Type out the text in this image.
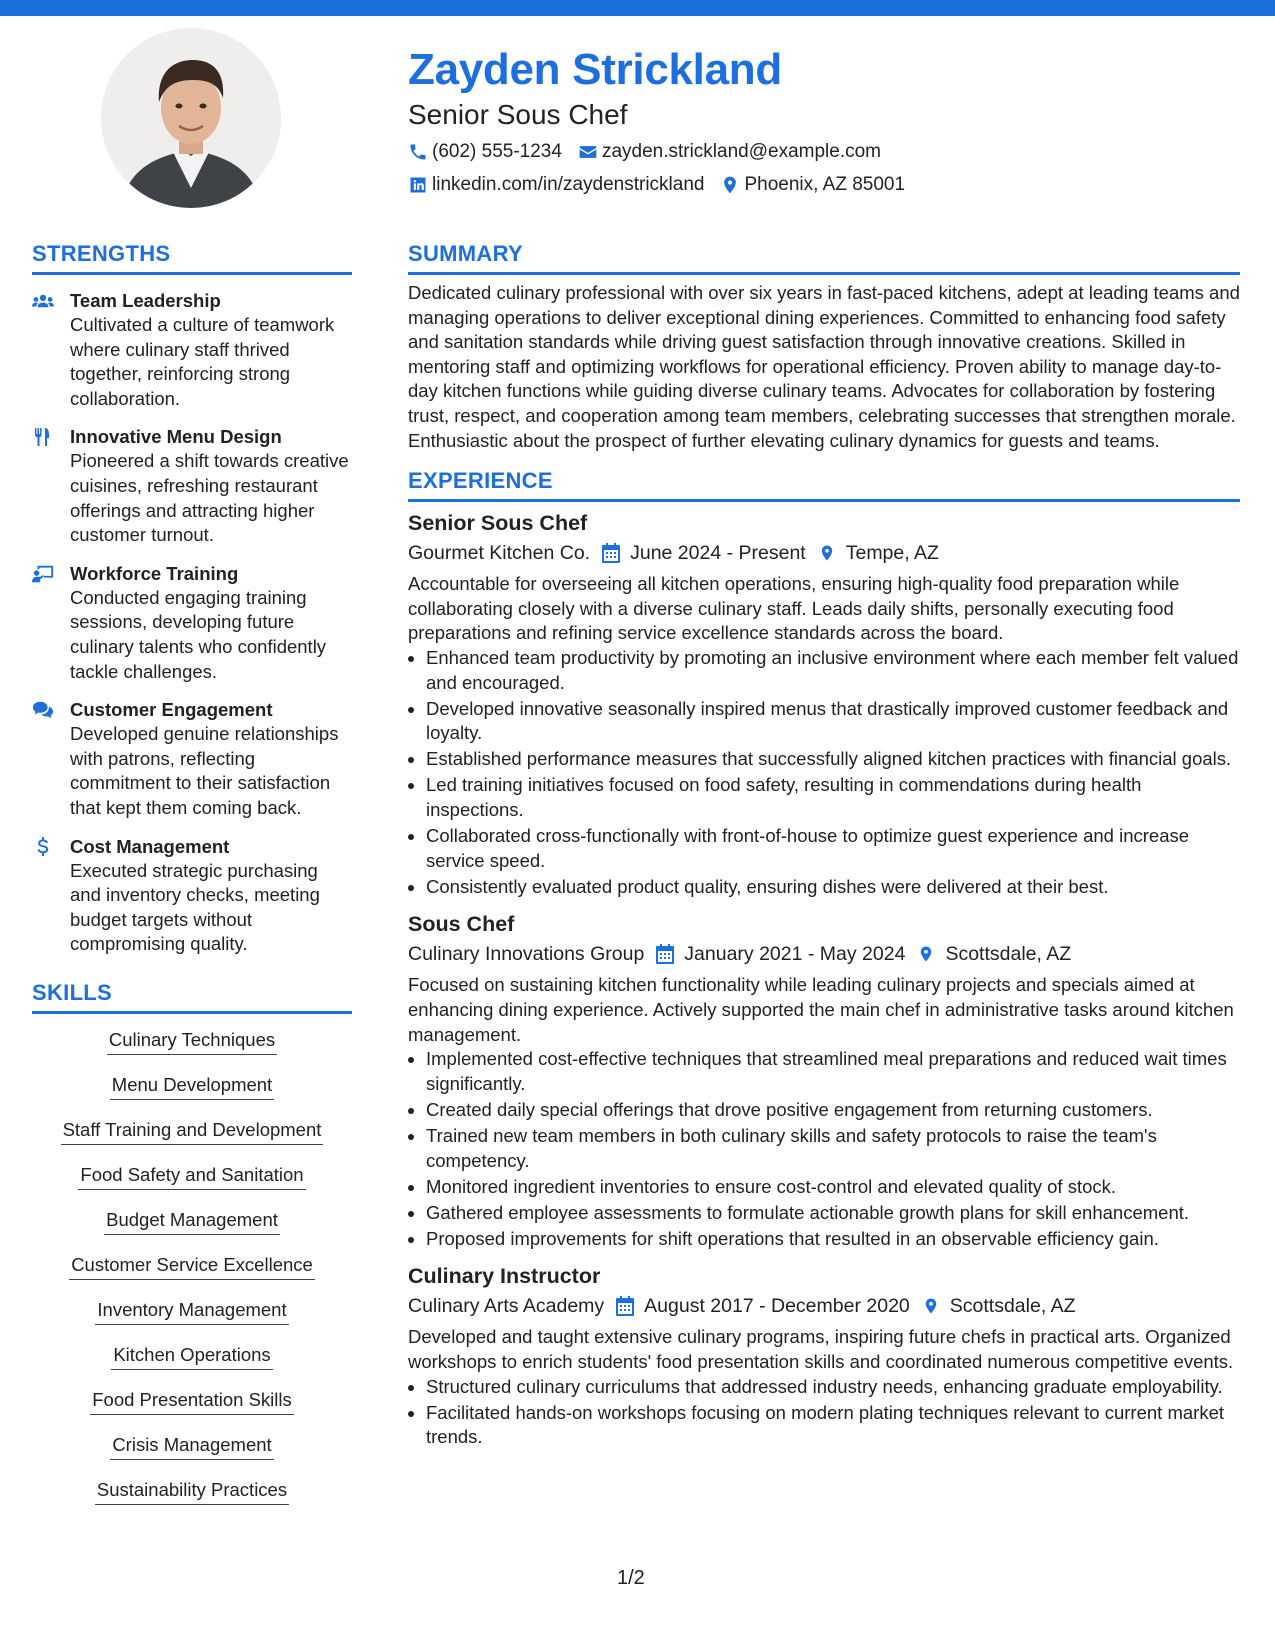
Zayden Strickland
Senior Sous Chef
(602) 555-1234 zayden.strickland@example.com
linkedin.com/in/zaydenstrickland Phoenix, AZ 85001
STRENGTHS
Team Leadership
Cultivated a culture of teamwork where culinary staff thrived together, reinforcing strong collaboration.
Innovative Menu Design
Pioneered a shift towards creative cuisines, refreshing restaurant offerings and attracting higher customer turnout.
Workforce Training
Conducted engaging training sessions, developing future culinary talents who confidently tackle challenges.
Customer Engagement
Developed genuine relationships with patrons, reflecting commitment to their satisfaction that kept them coming back.
Cost Management
Executed strategic purchasing and inventory checks, meeting budget targets without compromising quality.
SKILLS
Culinary Techniques
Menu Development
Staff Training and Development
Food Safety and Sanitation
Budget Management
Customer Service Excellence
Inventory Management
Kitchen Operations
Food Presentation Skills
Crisis Management
Sustainability Practices
SUMMARY
Dedicated culinary professional with over six years in fast-paced kitchens, adept at leading teams and managing operations to deliver exceptional dining experiences. Committed to enhancing food safety and sanitation standards while driving guest satisfaction through innovative creations. Skilled in mentoring staff and optimizing workflows for operational efficiency. Proven ability to manage day-to-day kitchen functions while guiding diverse culinary teams. Advocates for collaboration by fostering trust, respect, and cooperation among team members, celebrating successes that strengthen morale. Enthusiastic about the prospect of further elevating culinary dynamics for guests and teams.
EXPERIENCE
Senior Sous Chef
Gourmet Kitchen Co. June 2024 - Present Tempe, AZ
Accountable for overseeing all kitchen operations, ensuring high-quality food preparation while collaborating closely with a diverse culinary staff. Leads daily shifts, personally executing food preparations and refining service excellence standards across the board.
• Enhanced team productivity by promoting an inclusive environment where each member felt valued and encouraged.
• Developed innovative seasonally inspired menus that drastically improved customer feedback and loyalty.
• Established performance measures that successfully aligned kitchen practices with financial goals.
• Led training initiatives focused on food safety, resulting in commendations during health inspections.
• Collaborated cross-functionally with front-of-house to optimize guest experience and increase service speed.
• Consistently evaluated product quality, ensuring dishes were delivered at their best.
Sous Chef
Culinary Innovations Group January 2021 - May 2024 Scottsdale, AZ
Focused on sustaining kitchen functionality while leading culinary projects and specials aimed at enhancing dining experience. Actively supported the main chef in administrative tasks around kitchen management.
• Implemented cost-effective techniques that streamlined meal preparations and reduced wait times significantly.
• Created daily special offerings that drove positive engagement from returning customers.
• Trained new team members in both culinary skills and safety protocols to raise the team's competency.
• Monitored ingredient inventories to ensure cost-control and elevated quality of stock.
• Gathered employee assessments to formulate actionable growth plans for skill enhancement.
• Proposed improvements for shift operations that resulted in an observable efficiency gain.
Culinary Instructor
Culinary Arts Academy August 2017 - December 2020 Scottsdale, AZ
Developed and taught extensive culinary programs, inspiring future chefs in practical arts. Organized workshops to enrich students' food presentation skills and coordinated numerous competitive events.
• Structured culinary curriculums that addressed industry needs, enhancing graduate employability.
• Facilitated hands-on workshops focusing on modern plating techniques relevant to current market trends.
1/2
